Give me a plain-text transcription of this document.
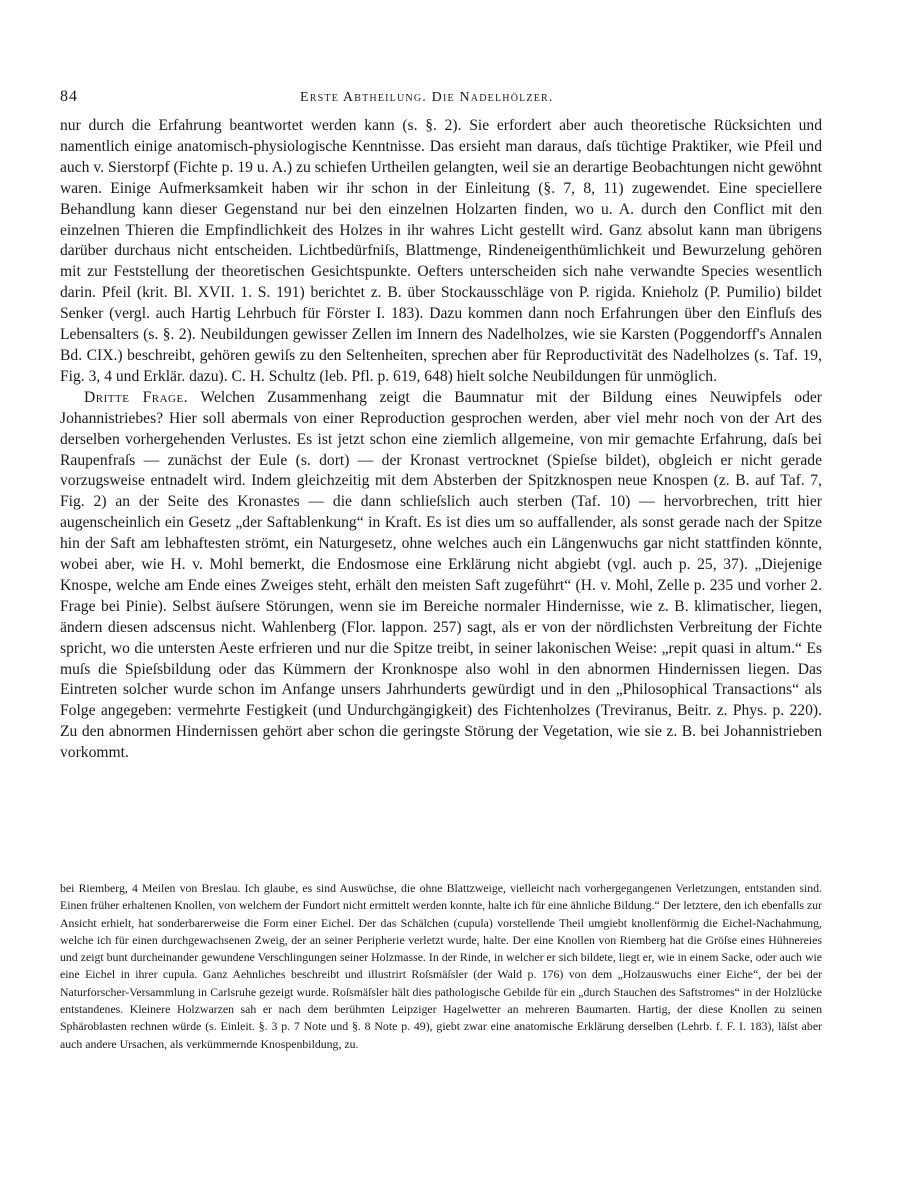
84	Erste Abtheilung. Die Nadelhölzer.

nur durch die Erfahrung beantwortet werden kann (s. §. 2). Sie erfordert aber auch theoretische Rücksichten und namentlich einige anatomisch-physiologische Kenntnisse. Das ersieht man daraus, daſs tüchtige Praktiker, wie Pfeil und auch v. Sierstorpf (Fichte p. 19 u. A.) zu schiefen Urtheilen gelangten, weil sie an derartige Beobachtungen nicht gewöhnt waren. Einige Aufmerksamkeit haben wir ihr schon in der Einleitung (§. 7, 8, 11) zugewendet. Eine speciellere Behandlung kann dieser Gegenstand nur bei den einzelnen Holzarten finden, wo u. A. durch den Conflict mit den einzelnen Thieren die Empfindlichkeit des Holzes in ihr wahres Licht gestellt wird. Ganz absolut kann man übrigens darüber durchaus nicht entscheiden. Lichtbedürfniſs, Blattmenge, Rindeneigenthümlichkeit und Bewurzelung gehören mit zur Feststellung der theoretischen Gesichtspunkte. Oefters unterscheiden sich nahe verwandte Species wesentlich darin. Pfeil (krit. Bl. XVII. 1. S. 191) berichtet z. B. über Stockausschläge von P. rigida. Knieholz (P. Pumilio) bildet Senker (vergl. auch Hartig Lehrbuch für Förster I. 183). Dazu kommen dann noch Erfahrungen über den Einfluſs des Lebensalters (s. §. 2). Neubildungen gewisser Zellen im Innern des Nadelholzes, wie sie Karsten (Poggendorff's Annalen Bd. CIX.) beschreibt, gehören gewiſs zu den Seltenheiten, sprechen aber für Reproductivität des Nadelholzes (s. Taf. 19, Fig. 3, 4 und Erklär. dazu). C. H. Schultz (leb. Pfl. p. 619, 648) hielt solche Neubildungen für unmöglich.

Dritte Frage. Welchen Zusammenhang zeigt die Baumnatur mit der Bildung eines Neuwipfels oder Johannistriebes? Hier soll abermals von einer Reproduction gesprochen werden, aber viel mehr noch von der Art des derselben vorhergehenden Verlustes. Es ist jetzt schon eine ziemlich allgemeine, von mir gemachte Erfahrung, daſs bei Raupenfraſs — zunächst der Eule (s. dort) — der Kronast vertrocknet (Spieſse bildet), obgleich er nicht gerade vorzugsweise entnadelt wird. Indem gleichzeitig mit dem Absterben der Spitzknospen neue Knospen (z. B. auf Taf. 7, Fig. 2) an der Seite des Kronastes — die dann schlieſslich auch sterben (Taf. 10) — hervorbrechen, tritt hier augenscheinlich ein Gesetz „der Saftablenkung“ in Kraft. Es ist dies um so auffallender, als sonst gerade nach der Spitze hin der Saft am lebhaftesten strömt, ein Naturgesetz, ohne welches auch ein Längenwuchs gar nicht stattfinden könnte, wobei aber, wie H. v. Mohl bemerkt, die Endosmose eine Erklärung nicht abgiebt (vgl. auch p. 25, 37). „Diejenige Knospe, welche am Ende eines Zweiges steht, erhält den meisten Saft zugeführt“ (H. v. Mohl, Zelle p. 235 und vorher 2. Frage bei Pinie). Selbst äuſsere Störungen, wenn sie im Bereiche normaler Hindernisse, wie z. B. klimatischer, liegen, ändern diesen adscensus nicht. Wahlenberg (Flor. lappon. 257) sagt, als er von der nördlichsten Verbreitung der Fichte spricht, wo die untersten Aeste erfrieren und nur die Spitze treibt, in seiner lakonischen Weise: „repit quasi in altum.“ Es muſs die Spieſsbildung oder das Kümmern der Kronknospe also wohl in den abnormen Hindernissen liegen. Das Eintreten solcher wurde schon im Anfange unsers Jahrhunderts gewürdigt und in den „Philosophical Transactions“ als Folge angegeben: vermehrte Festigkeit (und Undurchgängigkeit) des Fichtenholzes (Treviranus, Beitr. z. Phys. p. 220). Zu den abnormen Hindernissen gehört aber schon die geringste Störung der Vegetation, wie sie z. B. bei Johannistrieben vorkommt.

bei Riemberg, 4 Meilen von Breslau. Ich glaube, es sind Auswüchse, die ohne Blattzweige, vielleicht nach vorhergegangenen Verletzungen, entstanden sind. Einen früher erhaltenen Knollen, von welchem der Fundort nicht ermittelt werden konnte, halte ich für eine ähnliche Bildung.“ Der letztere, den ich ebenfalls zur Ansicht erhielt, hat sonderbarerweise die Form einer Eichel. Der das Schälchen (cupula) vorstellende Theil umgiebt knollenförmig die Eichel-Nachahmung, welche ich für einen durchgewachsenen Zweig, der an seiner Peripherie verletzt wurde, halte. Der eine Knollen von Riemberg hat die Gröſse eines Hühnereies und zeigt bunt durcheinander gewundene Verschlingungen seiner Holzmasse. In der Rinde, in welcher er sich bildete, liegt er, wie in einem Sacke, oder auch wie eine Eichel in ihrer cupula. Ganz Aehnliches beschreibt und illustrirt Roſsmäſsler (der Wald p. 176) von dem „Holzauswuchs einer Eiche“, der bei der Naturforscher-Versammlung in Carlsruhe gezeigt wurde. Roſsmäſsler hält dies pathologische Gebilde für ein „durch Stauchen des Saftstromes“ in der Holzlücke entstandenes. Kleinere Holzwarzen sah er nach dem berühmten Leipziger Hagelwetter an mehreren Baumarten. Hartig, der diese Knollen zu seinen Sphäroblasten rechnen würde (s. Einleit. §. 3 p. 7 Note und §. 8 Note p. 49), giebt zwar eine anatomische Erklärung derselben (Lehrb. f. F. I. 183), läſst aber auch andere Ursachen, als verkümmernde Knospenbildung, zu.
